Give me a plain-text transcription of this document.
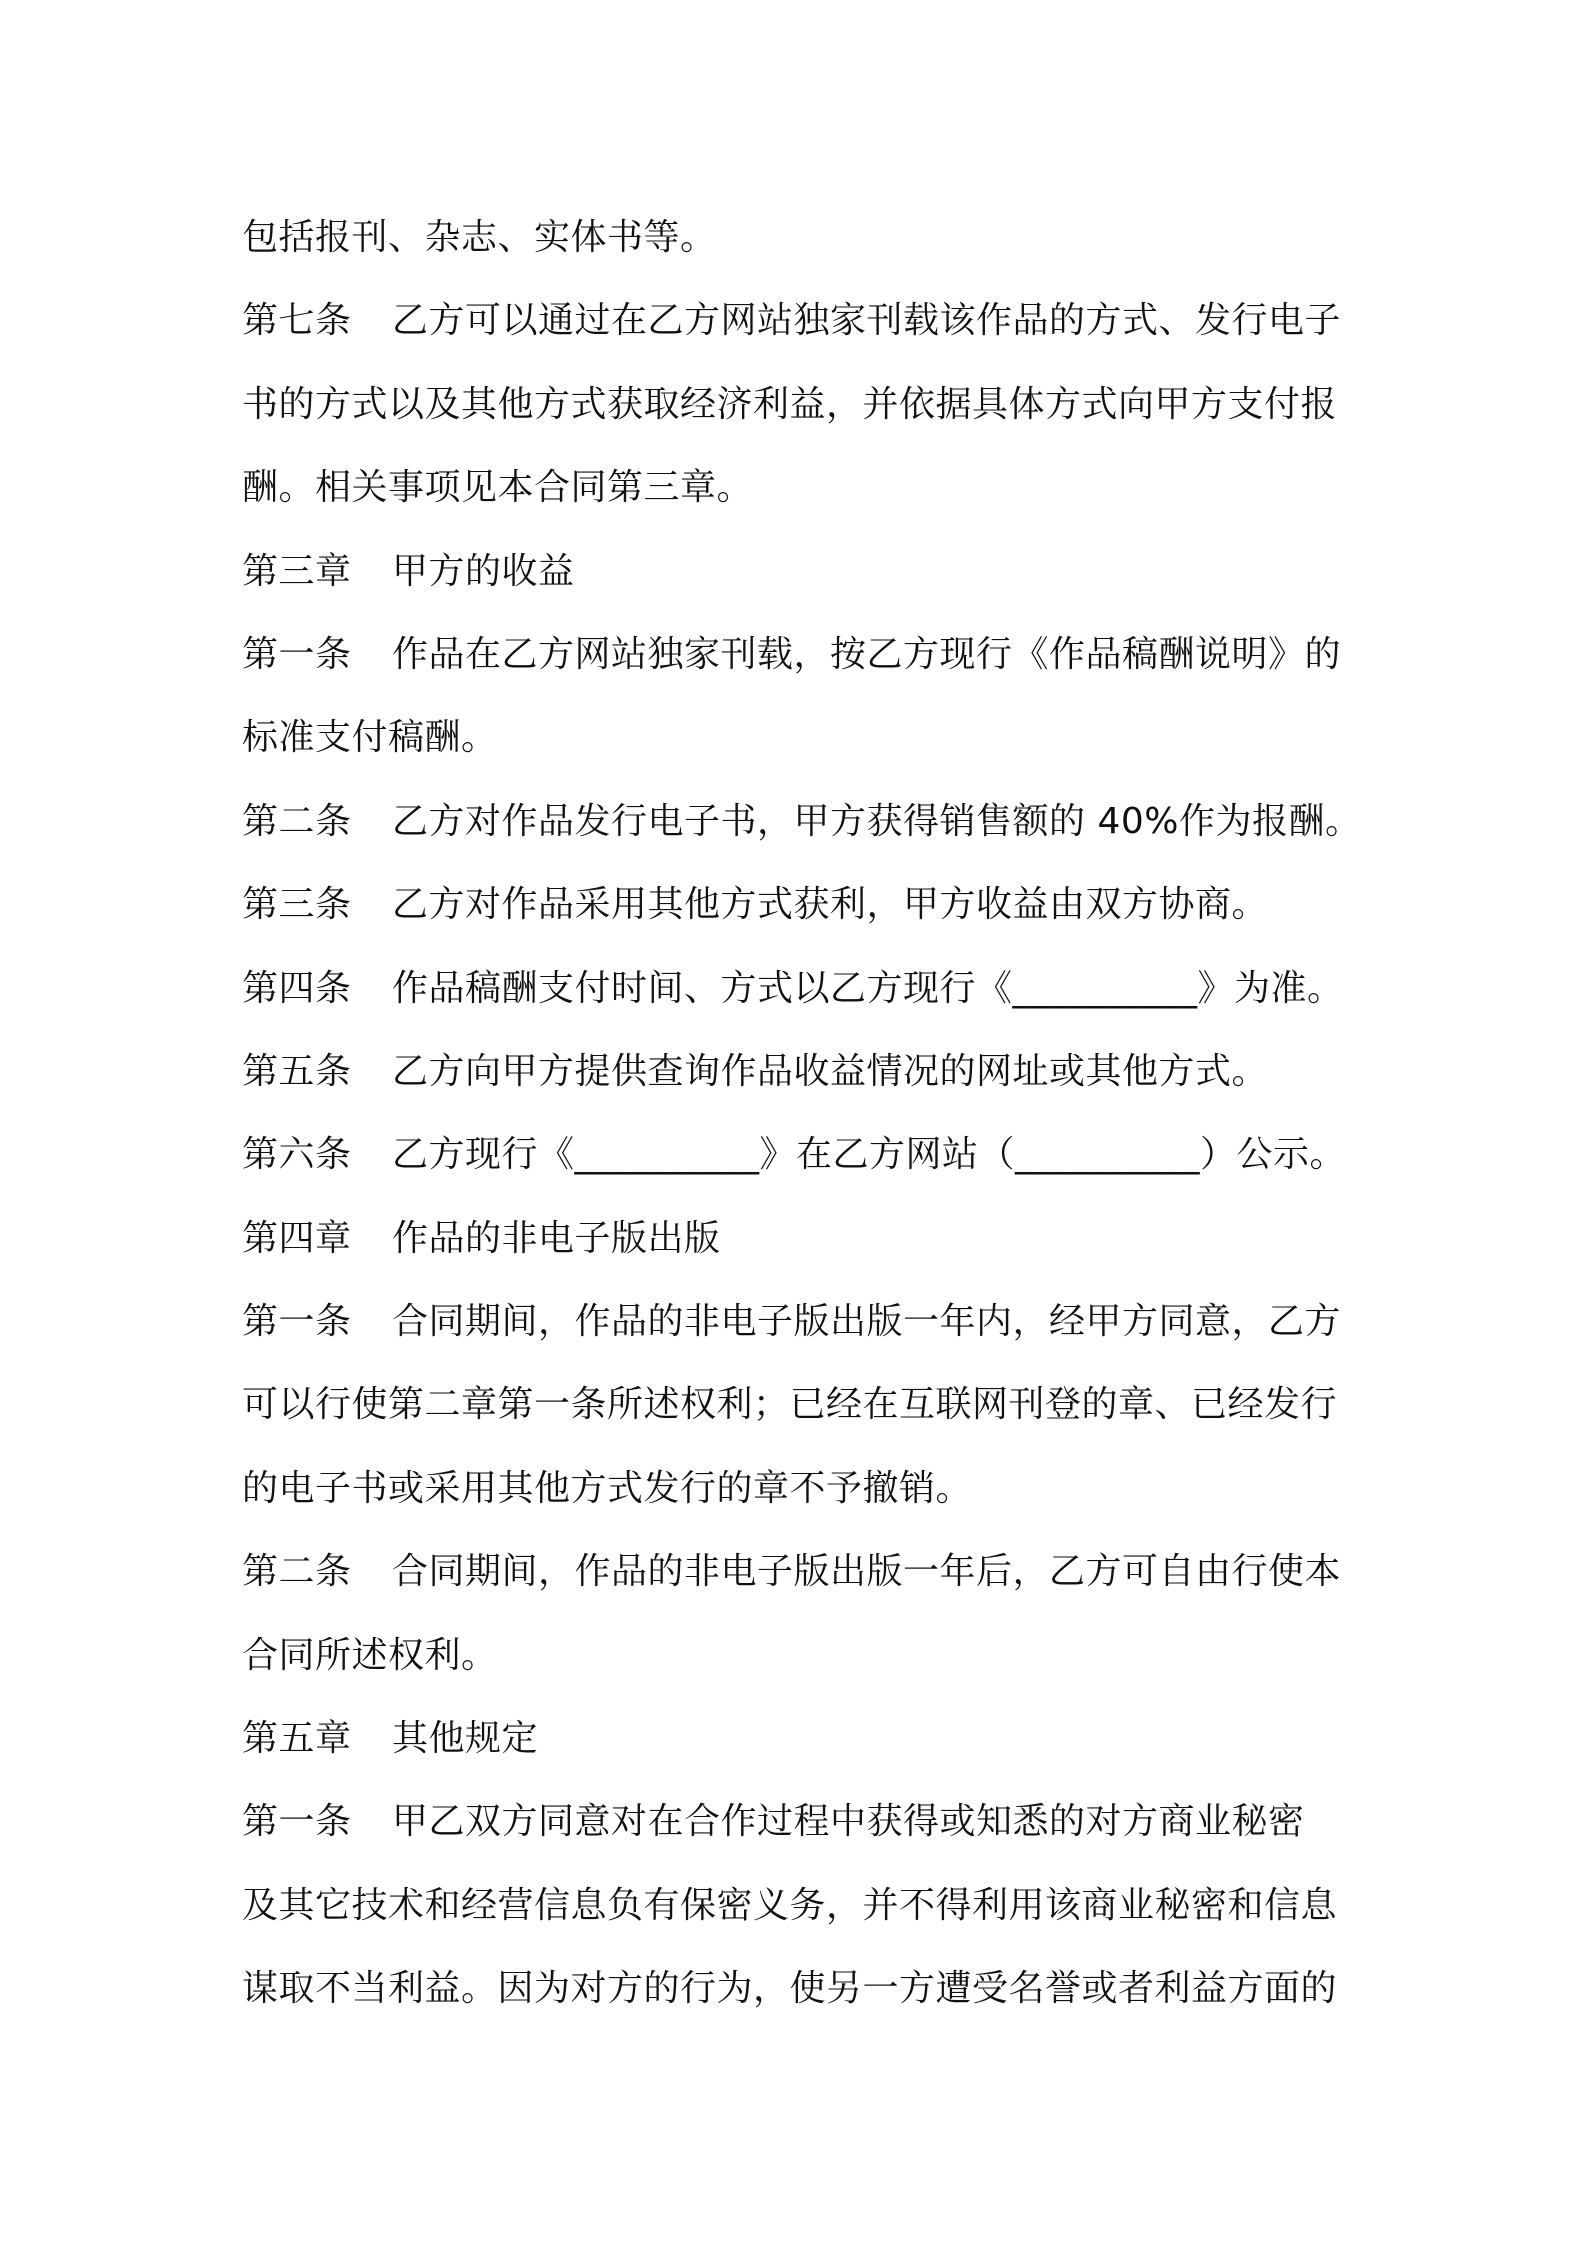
包括报刊、杂志、实体书等。
第七条 乙方可以通过在乙方网站独家刊载该作品的方式、发行电子
书的方式以及其他方式获取经济利益，并依据具体方式向甲方支付报
酬。相关事项见本合同第三章。
第三章 甲方的收益
第一条 作品在乙方网站独家刊载，按乙方现行《作品稿酬说明》的
标准支付稿酬。
第二条 乙方对作品发行电子书，甲方获得销售额的 40%作为报酬。
第三条 乙方对作品采用其他方式获利，甲方收益由双方协商。
第四条 作品稿酬支付时间、方式以乙方现行《__________》为准。
第五条 乙方向甲方提供查询作品收益情况的网址或其他方式。
第六条 乙方现行《__________》在乙方网站（__________）公示。
第四章 作品的非电子版出版
第一条 合同期间，作品的非电子版出版一年内，经甲方同意，乙方
可以行使第二章第一条所述权利；已经在互联网刊登的章、已经发行
的电子书或采用其他方式发行的章不予撤销。
第二条 合同期间，作品的非电子版出版一年后，乙方可自由行使本
合同所述权利。
第五章 其他规定
第一条 甲乙双方同意对在合作过程中获得或知悉的对方商业秘密
及其它技术和经营信息负有保密义务，并不得利用该商业秘密和信息
谋取不当利益。因为对方的行为，使另一方遭受名誉或者利益方面的
